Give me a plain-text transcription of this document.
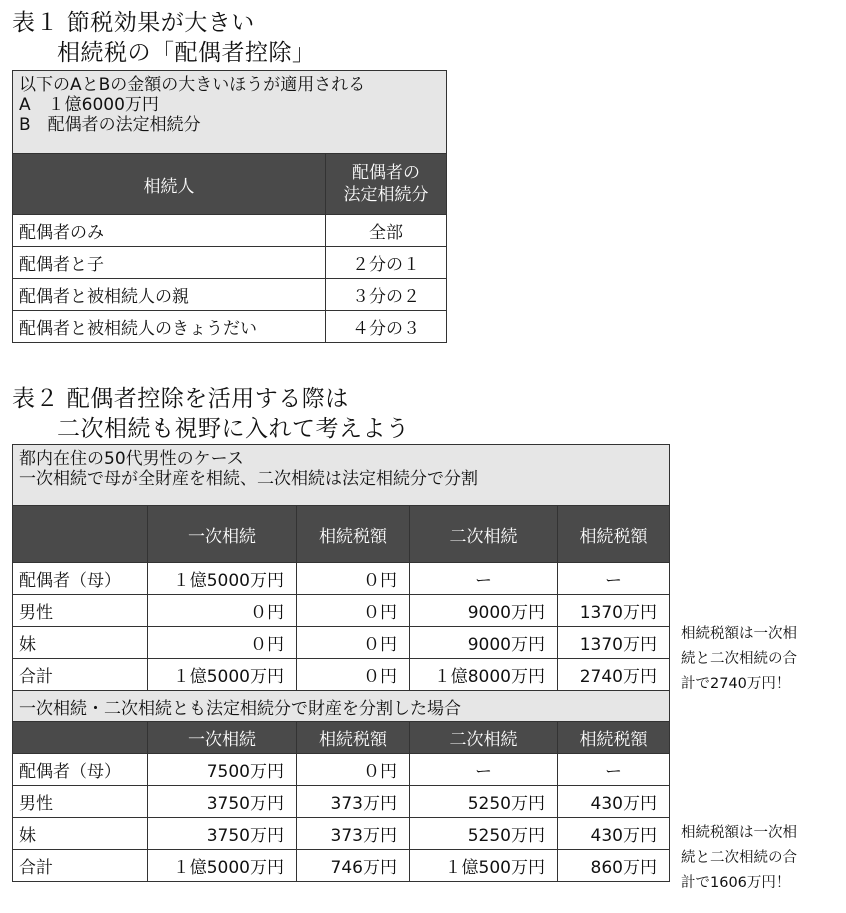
表１ 節税効果が大きい
相続税の「配偶者控除」
以下のAとBの金額の大きいほうが適用される
A　１億6000万円
B　配偶者の法定相続分	

相続人	配偶者の
法定相続分
配偶者のみ	全部
配偶者と子	２分の１
配偶者と被相続人の親	３分の２
配偶者と被相続人のきょうだい	４分の３
表２ 配偶者控除を活用する際は
二次相続も視野に入れて考えよう
都内在住の50代男性のケース
一次相続で母が全財産を相続、二次相続は法定相続分で分割				

	一次相続	相続税額	二次相続	相続税額
配偶者（母）	１億5000万円	０円	ー	ー
男性	０円	０円	9000万円	1370万円
妹	０円	０円	9000万円	1370万円
合計	１億5000万円	０円	１億8000万円	2740万円
一次相続・二次相続とも法定相続分で財産を分割した場合				
	一次相続	相続税額	二次相続	相続税額
配偶者（母）	7500万円	０円	ー	ー
男性	3750万円	373万円	5250万円	430万円
妹	3750万円	373万円	5250万円	430万円
合計	１億5000万円	746万円	１億500万円	860万円
相続税額は一次相
続と二次相続の合
計で2740万円！
相続税額は一次相
続と二次相続の合
計で1606万円！
